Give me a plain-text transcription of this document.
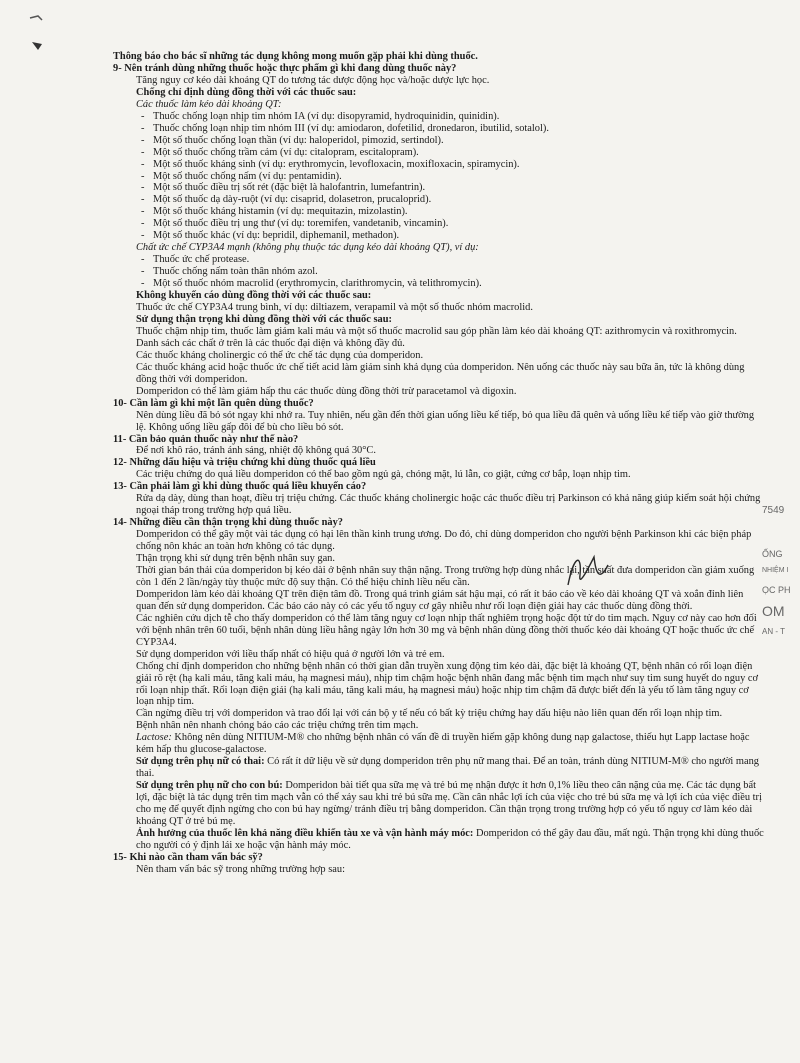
Thông báo cho bác sĩ những tác dụng không mong muốn gặp phải khi dùng thuốc.
9- Nên tránh dùng những thuốc hoặc thực phẩm gì khi đang dùng thuốc này?
Tăng nguy cơ kéo dài khoảng QT do tương tác dược động học và/hoặc dược lực học.
Chống chỉ định dùng đồng thời với các thuốc sau:
Các thuốc làm kéo dài khoảng QT:
- Thuốc chống loạn nhịp tim nhóm IA (ví dụ: disopyramid, hydroquinidin, quinidin).
- Thuốc chống loạn nhịp tim nhóm III (ví dụ: amiodaron, dofetilid, dronedaron, ibutilid, sotalol).
- Một số thuốc chống loạn thần (ví dụ: haloperidol, pimozid, sertindol).
- Một số thuốc chống trầm cảm (ví dụ: citalopram, escitalopram).
- Một số thuốc kháng sinh (ví dụ: erythromycin, levofloxacin, moxifloxacin, spiramycin).
- Một số thuốc chống nấm (ví dụ: pentamidin).
- Một số thuốc điều trị sốt rét (đặc biệt là halofantrin, lumefantrin).
- Một số thuốc dạ dày-ruột (ví dụ: cisaprid, dolasetron, prucaloprid).
- Một số thuốc kháng histamin (ví dụ: mequitazin, mizolastin).
- Một số thuốc điều trị ung thư (ví dụ: toremifen, vandetanib, vincamin).
- Một số thuốc khác (ví dụ: bepridil, diphemanil, methadon).
Chất ức chế CYP3A4 mạnh (không phụ thuộc tác dụng kéo dài khoảng QT), ví dụ:
- Thuốc ức chế protease.
- Thuốc chống nấm toàn thân nhóm azol.
- Một số thuốc nhóm macrolid (erythromycin, clarithromycin, và telithromycin).
Không khuyến cáo dùng đồng thời với các thuốc sau:
Thuốc ức chế CYP3A4 trung bình, ví dụ: diltiazem, verapamil và một số thuốc nhóm macrolid.
Sử dụng thận trọng khi dùng đồng thời với các thuốc sau:
Thuốc chậm nhịp tim, thuốc làm giảm kali máu và một số thuốc macrolid sau góp phần làm kéo dài khoảng QT: azithromycin và roxithromycin.
Danh sách các chất ở trên là các thuốc đại diện và không đầy đủ.
Các thuốc kháng cholinergic có thể ức chế tác dụng của domperidon.
Các thuốc kháng acid hoặc thuốc ức chế tiết acid làm giảm sinh khả dụng của domperidon. Nên uống các thuốc này sau bữa ăn, tức là không dùng đồng thời với domperidon.
Domperidon có thể làm giảm hấp thu các thuốc dùng đồng thời trừ paracetamol và digoxin.
10- Cần làm gì khi một lần quên dùng thuốc?
Nên dùng liều đã bỏ sót ngay khi nhớ ra. Tuy nhiên, nếu gần đến thời gian uống liều kế tiếp, bỏ qua liều đã quên và uống liều kế tiếp vào giờ thường lệ. Không uống liều gấp đôi để bù cho liều bỏ sót.
11- Cần bảo quản thuốc này như thế nào?
Để nơi khô ráo, tránh ánh sáng, nhiệt độ không quá 30°C.
12- Những dấu hiệu và triệu chứng khi dùng thuốc quá liều
Các triệu chứng do quá liều domperidon có thể bao gồm ngủ gà, chóng mặt, lú lẫn, co giật, cứng cơ bắp, loạn nhịp tim.
13- Cần phải làm gì khi dùng thuốc quá liều khuyến cáo?
Rửa dạ dày, dùng than hoạt, điều trị triệu chứng. Các thuốc kháng cholinergic hoặc các thuốc điều trị Parkinson có khả năng giúp kiểm soát hội chứng ngoại tháp trong trường hợp quá liều.
14- Những điều cần thận trọng khi dùng thuốc này?
Domperidon có thể gây một vài tác dụng có hại lên thần kinh trung ương. Do đó, chỉ dùng domperidon cho người bệnh Parkinson khi các biện pháp chống nôn khác an toàn hơn không có tác dụng.
Thận trọng khi sử dụng trên bệnh nhân suy gan.
Thời gian bán thải của domperidon bị kéo dài ở bệnh nhân suy thận nặng. Trong trường hợp dùng nhắc lại, tần suất đưa domperidon cần giảm xuống còn 1 đến 2 lần/ngày tùy thuộc mức độ suy thận. Có thể hiệu chỉnh liều nếu cần.
Domperidon làm kéo dài khoảng QT trên điện tâm đồ. Trong quá trình giám sát hậu mại, có rất ít báo cáo về kéo dài khoảng QT và xoắn đỉnh liên quan đến sử dụng domperidon. Các báo cáo này có các yếu tố nguy cơ gây nhiễu như rối loạn điện giải hay các thuốc dùng đồng thời.
Các nghiên cứu dịch tễ cho thấy domperidon có thể làm tăng nguy cơ loạn nhịp thất nghiêm trọng hoặc đột tử do tim mạch. Nguy cơ này cao hơn đối với bệnh nhân trên 60 tuổi, bệnh nhân dùng liều hằng ngày lớn hơn 30 mg và bệnh nhân dùng đồng thời thuốc kéo dài khoảng QT hoặc thuốc ức chế CYP3A4.
Sử dụng domperidon với liều thấp nhất có hiệu quả ở người lớn và trẻ em.
Chống chỉ định domperidon cho những bệnh nhân có thời gian dẫn truyền xung động tim kéo dài, đặc biệt là khoảng QT, bệnh nhân có rối loạn điện giải rõ rệt (hạ kali máu, tăng kali máu, hạ magnesi máu), nhịp tim chậm hoặc bệnh nhân đang mắc bệnh tim mạch như suy tim sung huyết do nguy cơ rối loạn nhịp thất. Rối loạn điện giải (hạ kali máu, tăng kali máu, hạ magnesi máu) hoặc nhịp tim chậm đã được biết đến là yếu tố làm tăng nguy cơ loạn nhịp tim.
Cần ngừng điều trị với domperidon và trao đổi lại với cán bộ y tế nếu có bất kỳ triệu chứng hay dấu hiệu nào liên quan đến rối loạn nhịp tim.
Bệnh nhân nên nhanh chóng báo cáo các triệu chứng trên tim mạch.
Lactose: Không nên dùng NITIUM-M® cho những bệnh nhân có vấn đề di truyền hiếm gặp không dung nạp galactose, thiếu hụt Lapp lactase hoặc kém hấp thu glucose-galactose.
Sử dụng trên phụ nữ có thai: Có rất ít dữ liệu về sử dụng domperidon trên phụ nữ mang thai. Để an toàn, tránh dùng NITIUM-M® cho người mang thai.
Sử dụng trên phụ nữ cho con bú: Domperidon bài tiết qua sữa mẹ và trẻ bú mẹ nhận được ít hơn 0,1% liều theo cân nặng của mẹ. Các tác dụng bất lợi, đặc biệt là tác dụng trên tim mạch vẫn có thể xảy sau khi trẻ bú sữa mẹ. Cần cân nhắc lợi ích của việc cho trẻ bú sữa mẹ và lợi ích của việc điều trị cho mẹ để quyết định ngừng cho con bú hay ngừng/ tránh điều trị bằng domperidon. Cần thận trọng trong trường hợp có yếu tố nguy cơ làm kéo dài khoảng QT ở trẻ bú mẹ.
Ảnh hưởng của thuốc lên khả năng điều khiển tàu xe và vận hành máy móc: Domperidon có thể gây đau đầu, mất ngủ. Thận trọng khi dùng thuốc cho người có ý định lái xe hoặc vận hành máy móc.
15- Khi nào cần tham vấn bác sỹ?
Nên tham vấn bác sỹ trong những trường hợp sau:
7549
ỐNG
NHIỆM I
ỌC PH
OM
AN - T
